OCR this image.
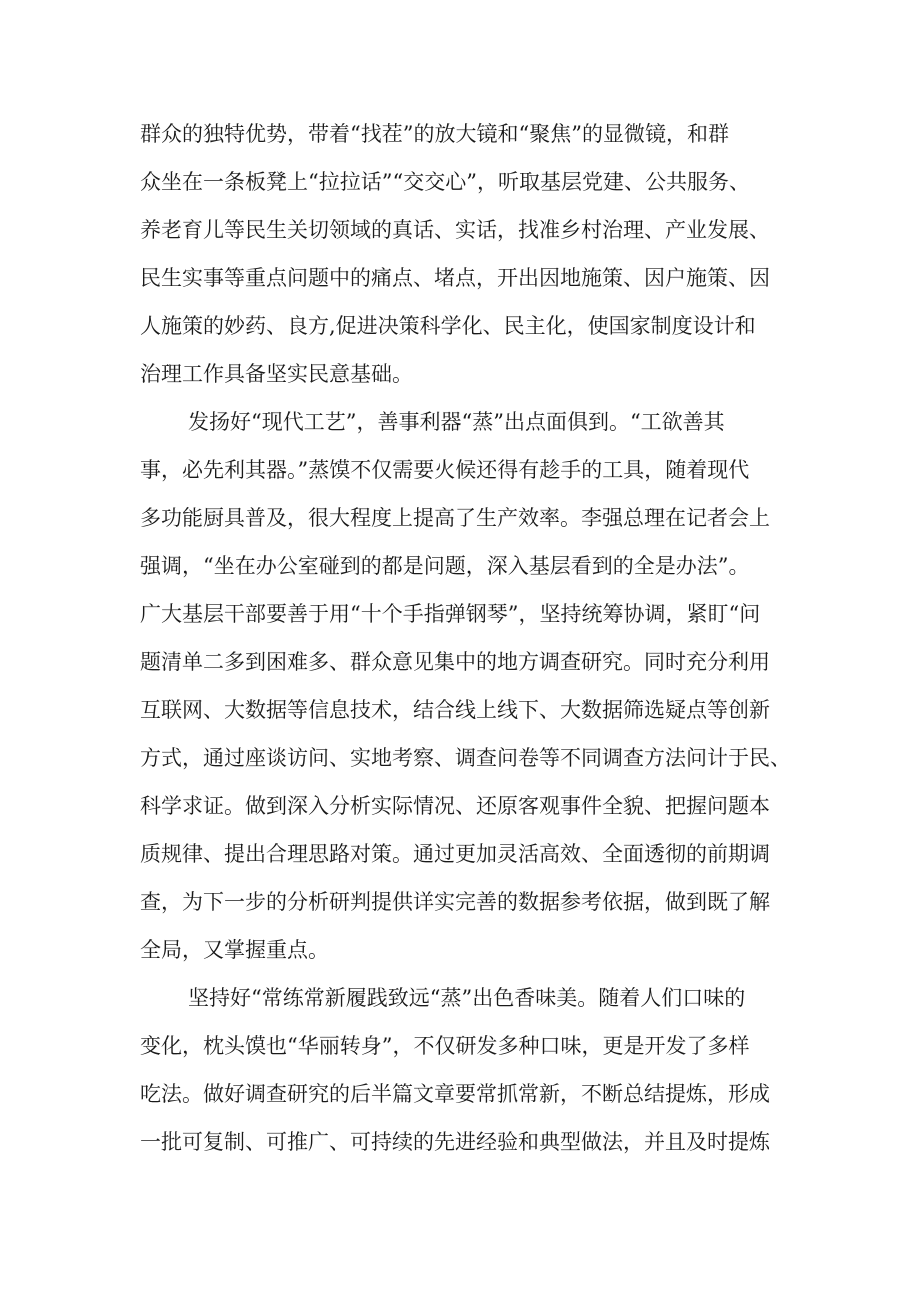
群众的独特优势，带着“找茬”的放大镜和“聚焦”的显微镜，和群
众坐在一条板凳上“拉拉话”“交交心”，听取基层党建、公共服务、
养老育儿等民生关切领域的真话、实话，找准乡村治理、产业发展、
民生实事等重点问题中的痛点、堵点，开出因地施策、因户施策、因
人施策的妙药、良方,促进决策科学化、民主化，使国家制度设计和
治理工作具备坚实民意基础。
发扬好“现代工艺”，善事利器“蒸”出点面俱到。“工欲善其
事，必先利其器。”蒸馍不仅需要火候还得有趁手的工具，随着现代
多功能厨具普及，很大程度上提高了生产效率。李强总理在记者会上
强调，“坐在办公室碰到的都是问题，深入基层看到的全是办法”。
广大基层干部要善于用“十个手指弹钢琴”，坚持统筹协调，紧盯“问
题清单二多到困难多、群众意见集中的地方调查研究。同时充分利用
互联网、大数据等信息技术，结合线上线下、大数据筛选疑点等创新
方式，通过座谈访问、实地考察、调查问卷等不同调查方法问计于民、
科学求证。做到深入分析实际情况、还原客观事件全貌、把握问题本
质规律、提出合理思路对策。通过更加灵活高效、全面透彻的前期调
查，为下一步的分析研判提供详实完善的数据参考依据，做到既了解
全局，又掌握重点。
坚持好“常练常新履践致远“蒸”出色香味美。随着人们口味的
变化，枕头馍也“华丽转身”，不仅研发多种口味，更是开发了多样
吃法。做好调查研究的后半篇文章要常抓常新，不断总结提炼，形成
一批可复制、可推广、可持续的先进经验和典型做法，并且及时提炼
